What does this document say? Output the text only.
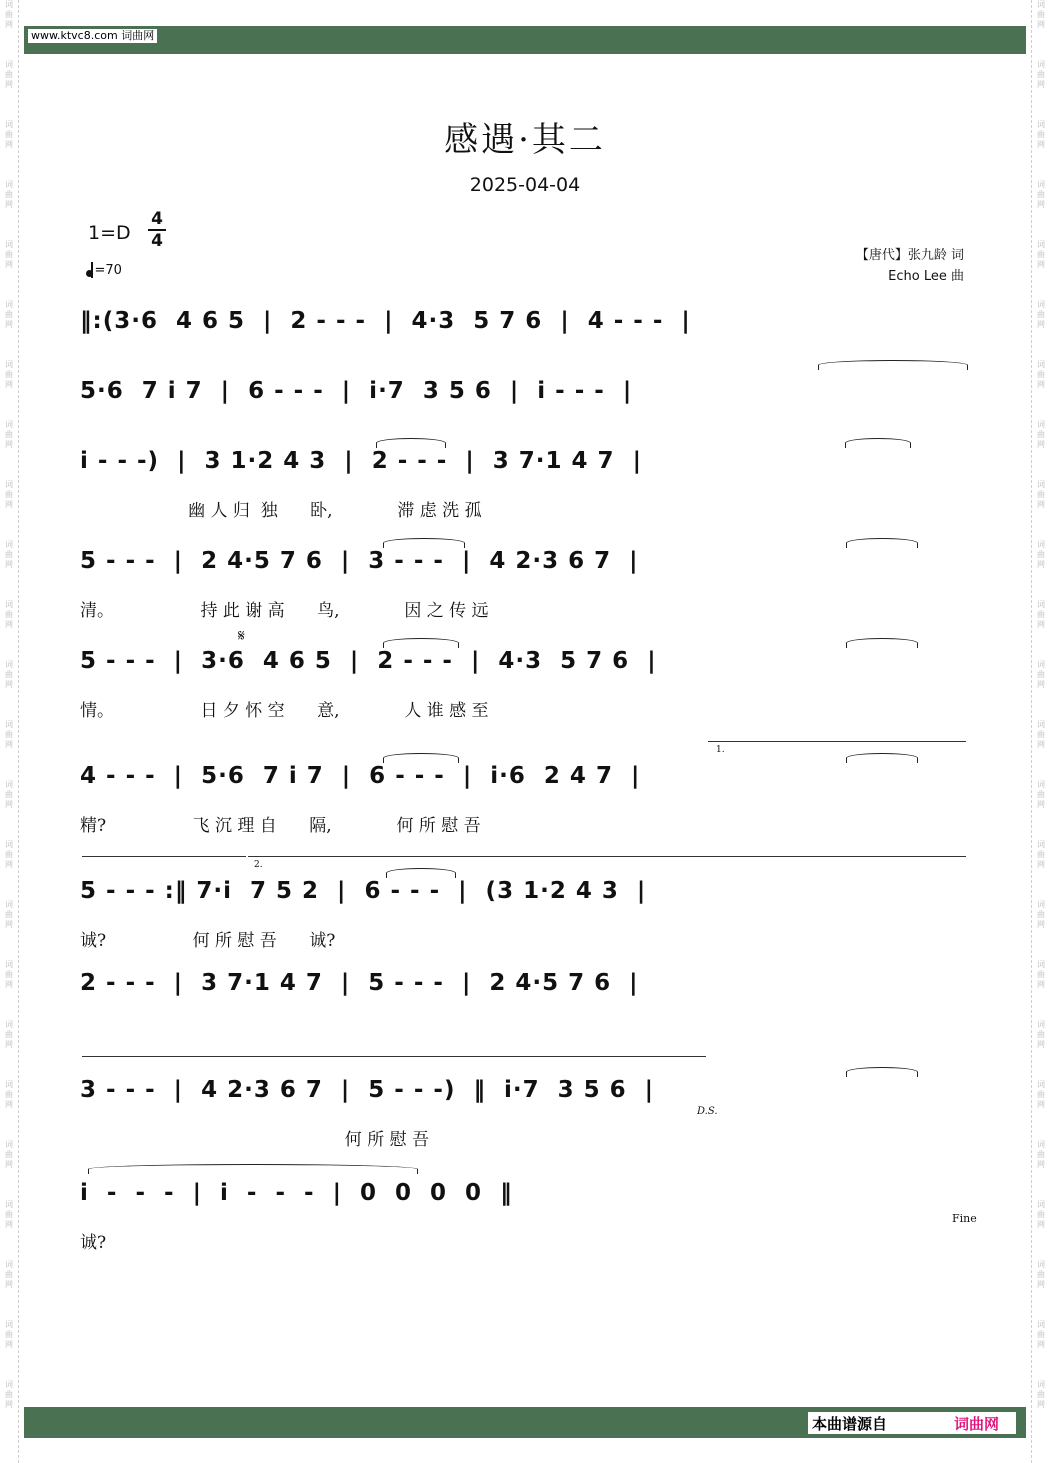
词
曲
网
词
曲
网
词
曲
网
词
曲
网
词
曲
网
词
曲
网
词
曲
网
词
曲
网
词
曲
网
词
曲
网
词
曲
网
词
曲
网
词
曲
网
词
曲
网
词
曲
网
词
曲
网
词
曲
网
词
曲
网
词
曲
网
词
曲
网
词
曲
网
词
曲
网
词
曲
网
词
曲
网
词
曲
网
词
曲
网
词
曲
网
词
曲
网
词
曲
网
词
曲
网
词
曲
网
词
曲
网
词
曲
网
词
曲
网
词
曲
网
词
曲
网
词
曲
网
词
曲
网
词
曲
网
词
曲
网
词
曲
网
词
曲
网
词
曲
网
词
曲
网
词
曲
网
词
曲
网
词
曲
网
词
曲
网
www.ktvc8.com 词曲网
感遇·其二
2025-04-04
1=D
4
4
=70
【唐代】张九龄 词
Echo Lee 曲
‖:(3·6  4 6 5  |  2 - - -  |  4·3  5 7 6  |  4 - - -  |
5·6  7 i 7  |  6 - - -  |  i·7  3 5 6  |  i - - -  |
i - - -)  |  3 1·2 4 3  |  2 - - -  |  3 7·1 4 7  |
幽 人 归  独      卧,            滞 虑 洗 孤
5 - - -  |  2 4·5 7 6  |  3 - - -  |  4 2·3 6 7  |
清。                持 此 谢 高      鸟,            因 之 传 远
5 - - -  |  3·6  4 6 5  |  2 - - -  |  4·3  5 7 6  |
情。                日 夕 怀 空      意,            人 谁 感 至
4 - - -  |  5·6  7 i 7  |  6 - - -  |  i·6  2 4 7  |
精?                飞 沉 理 自      隔,            何 所 慰 吾
5 - - - :‖ 7·i  7 5 2  |  6 - - -  |  (3 1·2 4 3  |
诚?                何 所 慰 吾      诚?
2 - - -  |  3 7·1 4 7  |  5 - - -  |  2 4·5 7 6  |
3 - - -  |  4 2·3 6 7  |  5 - - -)  ‖  i·7  3 5 6  |
何 所 慰 吾
i  -  -  -  |  i  -  -  -  |  0  0  0  0  ‖
诚?
1.
2.
𝄋
D.S.
Fine
本曲谱源自	词曲网
